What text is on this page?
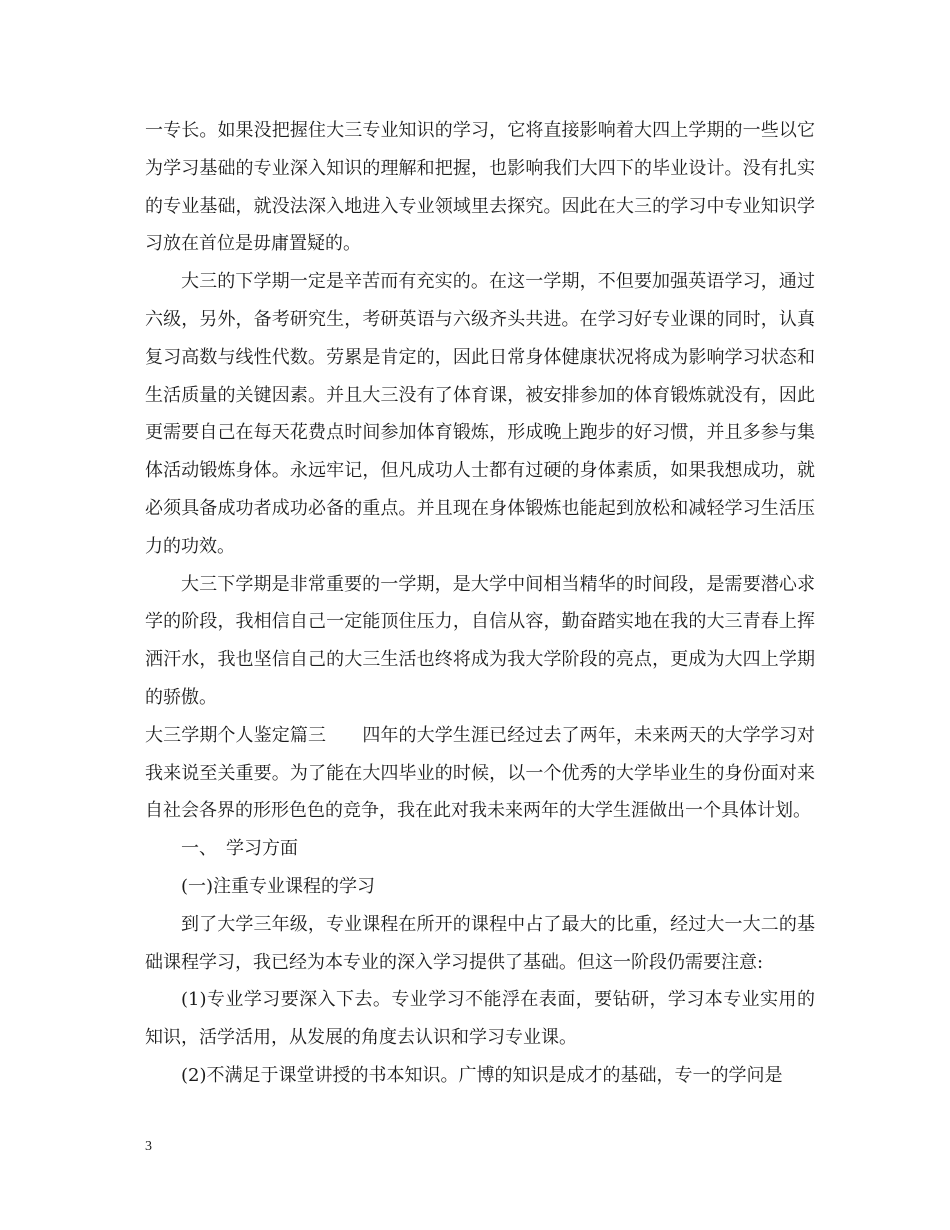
一专长。如果没把握住大三专业知识的学习，它将直接影响着大四上学期的一些以它为学习基础的专业深入知识的理解和把握，也影响我们大四下的毕业设计。没有扎实的专业基础，就没法深入地进入专业领域里去探究。因此在大三的学习中专业知识学习放在首位是毋庸置疑的。

大三的下学期一定是辛苦而有充实的。在这一学期，不但要加强英语学习，通过六级，另外，备考研究生，考研英语与六级齐头共进。在学习好专业课的同时，认真复习高数与线性代数。劳累是肯定的，因此日常身体健康状况将成为影响学习状态和生活质量的关键因素。并且大三没有了体育课，被安排参加的体育锻炼就没有，因此更需要自己在每天花费点时间参加体育锻炼，形成晚上跑步的好习惯，并且多参与集体活动锻炼身体。永远牢记，但凡成功人士都有过硬的身体素质，如果我想成功，就必须具备成功者成功必备的重点。并且现在身体锻炼也能起到放松和减轻学习生活压力的功效。

大三下学期是非常重要的一学期，是大学中间相当精华的时间段，是需要潜心求学的阶段，我相信自己一定能顶住压力，自信从容，勤奋踏实地在我的大三青春上挥洒汗水，我也坚信自己的大三生活也终将成为我大学阶段的亮点，更成为大四上学期的骄傲。

大三学期个人鉴定篇三　　四年的大学生涯已经过去了两年，未来两天的大学学习对我来说至关重要。为了能在大四毕业的时候，以一个优秀的大学毕业生的身份面对来自社会各界的形形色色的竞争，我在此对我未来两年的大学生涯做出一个具体计划。

一、　学习方面

(一)注重专业课程的学习

到了大学三年级，专业课程在所开的课程中占了最大的比重，经过大一大二的基础课程学习，我已经为本专业的深入学习提供了基础。但这一阶段仍需要注意:

(1)专业学习要深入下去。专业学习不能浮在表面，要钻研，学习本专业实用的知识，活学活用，从发展的角度去认识和学习专业课。

(2)不满足于课堂讲授的书本知识。广博的知识是成才的基础，专一的学问是

3
